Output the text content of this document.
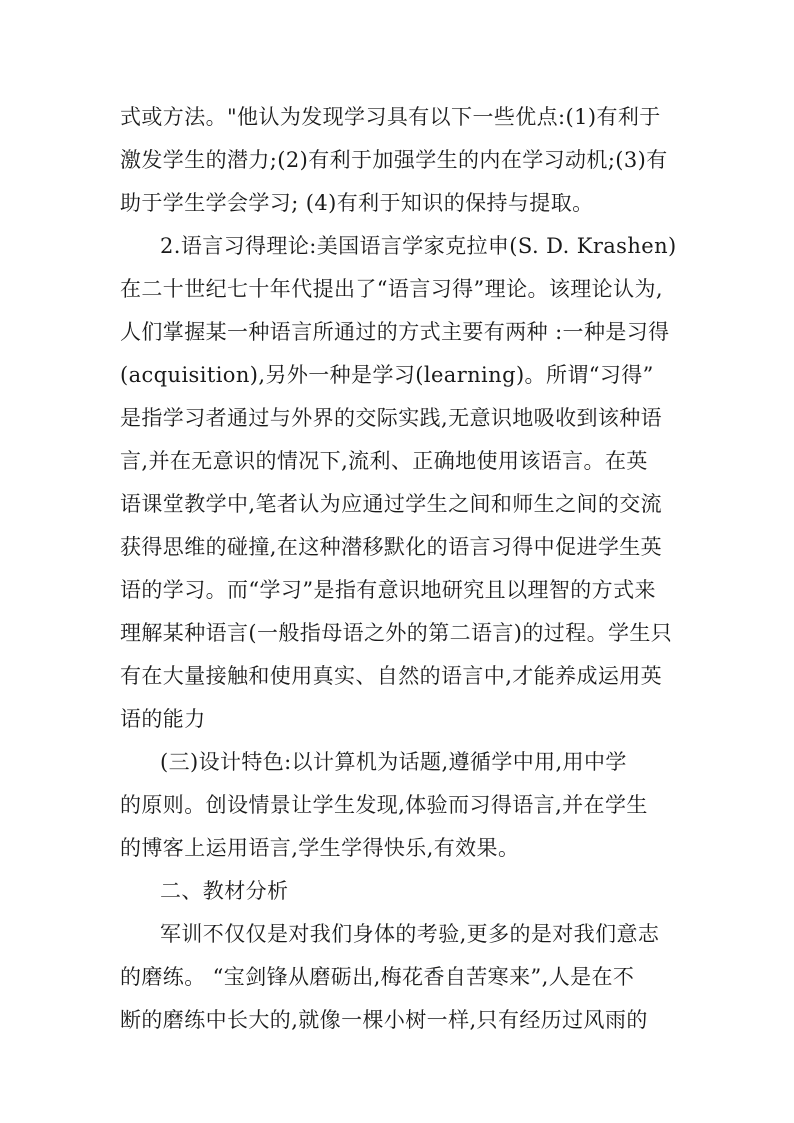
式或方法。"他认为发现学习具有以下一些优点:(1)有利于
激发学生的潜力;(2)有利于加强学生的内在学习动机;(3)有
助于学生学会学习; (4)有利于知识的保持与提取。
2.语言习得理论:美国语言学家克拉申(S. D. Krashen)
在二十世纪七十年代提出了“语言习得”理论。该理论认为,
人们掌握某一种语言所通过的方式主要有两种 :一种是习得
(acquisition),另外一种是学习(learning)。所谓“习得”
是指学习者通过与外界的交际实践,无意识地吸收到该种语
言,并在无意识的情况下,流利、正确地使用该语言。在英
语课堂教学中,笔者认为应通过学生之间和师生之间的交流
获得思维的碰撞,在这种潜移默化的语言习得中促进学生英
语的学习。而“学习”是指有意识地研究且以理智的方式来
理解某种语言(一般指母语之外的第二语言)的过程。学生只
有在大量接触和使用真实、自然的语言中,才能养成运用英
语的能力
(三)设计特色:以计算机为话题,遵循学中用,用中学
的原则。创设情景让学生发现,体验而习得语言,并在学生
的博客上运用语言,学生学得快乐,有效果。
二、教材分析
军训不仅仅是对我们身体的考验,更多的是对我们意志
的磨练。 “宝剑锋从磨砺出,梅花香自苦寒来”,人是在不
断的磨练中长大的,就像一棵小树一样,只有经历过风雨的
